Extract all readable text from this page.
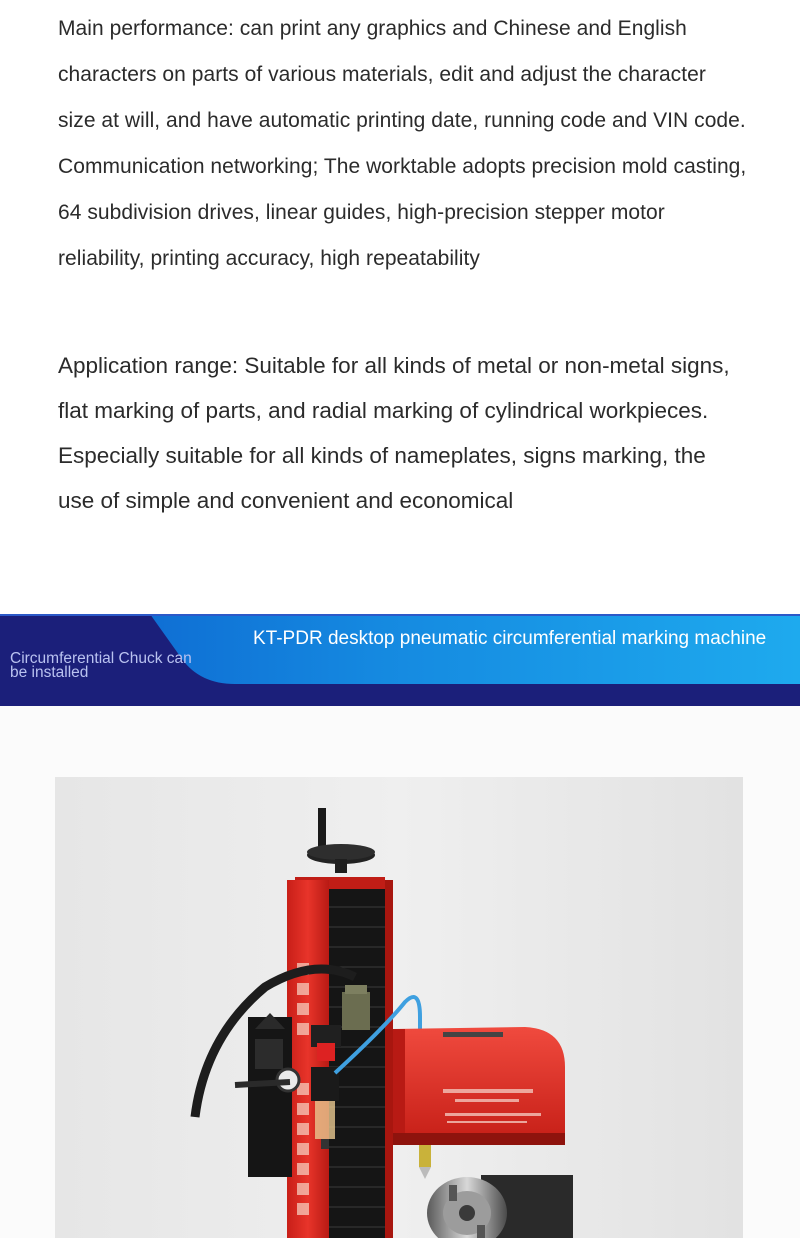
Main performance: can print any graphics and Chinese and English characters on parts of various materials, edit and adjust the character size at will, and have automatic printing date, running code and VIN code. Communication networking; The worktable adopts precision mold casting, 64 subdivision drives, linear guides, high-precision stepper motor reliability, printing accuracy, high repeatability

Application range: Suitable for all kinds of metal or non-metal signs, flat marking of parts, and radial marking of cylindrical workpieces. Especially suitable for all kinds of nameplates, signs marking, the use of simple and convenient and economical

Circumferential Chuck can be installed
KT-PDR desktop pneumatic circumferential marking machine
